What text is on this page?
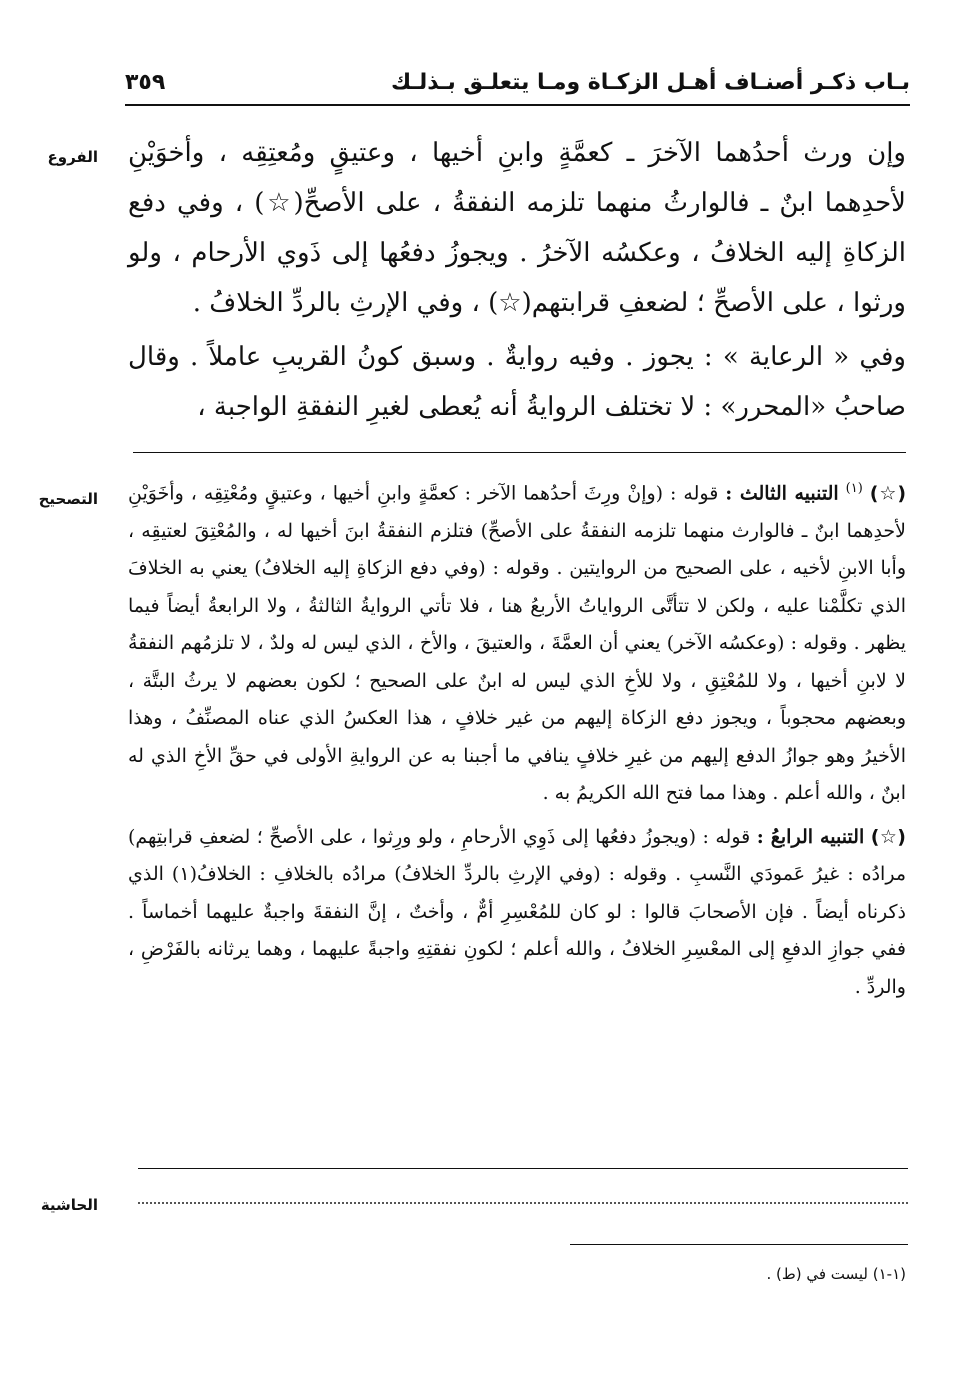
بـاب ذكـر أصنـاف أهـل الزكـاة ومـا يتعلـق بـذلـك
٣٥٩
الفروع وإن ورث أحدُهما الآخرَ ـ كعمَّةٍ وابنِ أخيها ، وعتيقٍ ومُعتِقِه ، وأخوَيْنِ لأحدِهما ابنٌ ـ فالوارثُ منهما تلزمه النفقةُ ، على الأصحِّ(☆) ، وفي دفع الزكاةِ إليه الخلافُ ، وعكسُه الآخرُ . ويجوزُ دفعُها إلى ذَوي الأرحام ، ولو ورثوا ، على الأصحِّ ؛ لضعفِ قرابتهم(☆) ، وفي الإرثِ بالردِّ الخلافُ .

وفي « الرعاية » : يجوز . وفيه روايةٌ . وسبق كونُ القريبِ عاملاً . وقال صاحبُ «المحرر» : لا تختلف الروايةُ أنه يُعطى لغيرِ النفقةِ الواجبة ،

التصحيح	(☆) $^{(١)}$ التنبيه الثالث : قوله : (وإنْ ورِثَ أحدُهما الآخر : كعمَّةٍ وابنِ أخيها ، وعتيقٍ ومُعْتِقِه ، وأخَوَيْنِ لأحدِهما ابنٌ ـ فالوارث منهما تلزمه النفقةُ على الأصحِّ) فتلزم النفقةُ ابنَ أخيها له ، والمُعْتِقَ لعتيقِه ، وأبا الابنِ لأخيه ، على الصحيح من الروايتين . وقوله : (وفي دفع الزكاةِ إليه الخلافُ) يعني به الخلافَ الذي تكلَّمْنا عليه ، ولكن لا تتأتَّى الرواياتُ الأربعُ هنا ، فلا تأتي الروايةُ الثالثةُ ، ولا الرابعةُ أيضاً فيما يظهر . وقوله : (وعكسُه الآخر) يعني أن العمَّةَ ، والعتيقَ ، والأخ ، الذي ليس له ولدٌ ، لا تلزمُهم النفقةُ لا لابنِ أخيها ، ولا للمُعْتِقِ ، ولا للأخِ الذي ليس له ابنٌ على الصحيح ؛ لكون بعضهم لا يرثُ البتَّة ، وبعضهم محجوباً ، ويجوز دفع الزكاة إليهم من غير خلافٍ ، هذا العكسُ الذي عناه المصنِّفُ ، وهذا الأخيرُ وهو جوازُ الدفع إليهم من غيرِ خلافٍ ينافي ما أجبنا به عن الروايةِ الأولى في حقِّ الأخِ الذي له ابنٌ ، والله أعلم . وهذا مما فتح الله الكريمُ به .

(☆) التنبيه الرابعُ : قوله : (ويجوزُ دفعُها إلى ذَوِي الأرحامِ ، ولو ورِثوا ، على الأصحِّ ؛ لضعفِ قرابتِهم) مرادُه : غيرُ عَمودَي النَّسبِ . وقوله : (وفي الإرثِ بالردِّ الخلافُ) مرادُه بالخلافِ : الخلافُ(١) الذي ذكرناه أيضاً . فإن الأصحابَ قالوا : لو كان للمُعْسِرِ أمٌّ ، وأختٌ ، إنَّ النفقةَ واجبةٌ عليهما أخماساً . ففي جوازِ الدفعِ إلى المعْسِرِ الخلافُ ، والله أعلم ؛ لكونِ نفقتِهِ واجبةً عليهما ، وهما يرثانه بالفَرْضِ ، والردِّ .

الحاشية
(١-١) ليست في (ط) .
